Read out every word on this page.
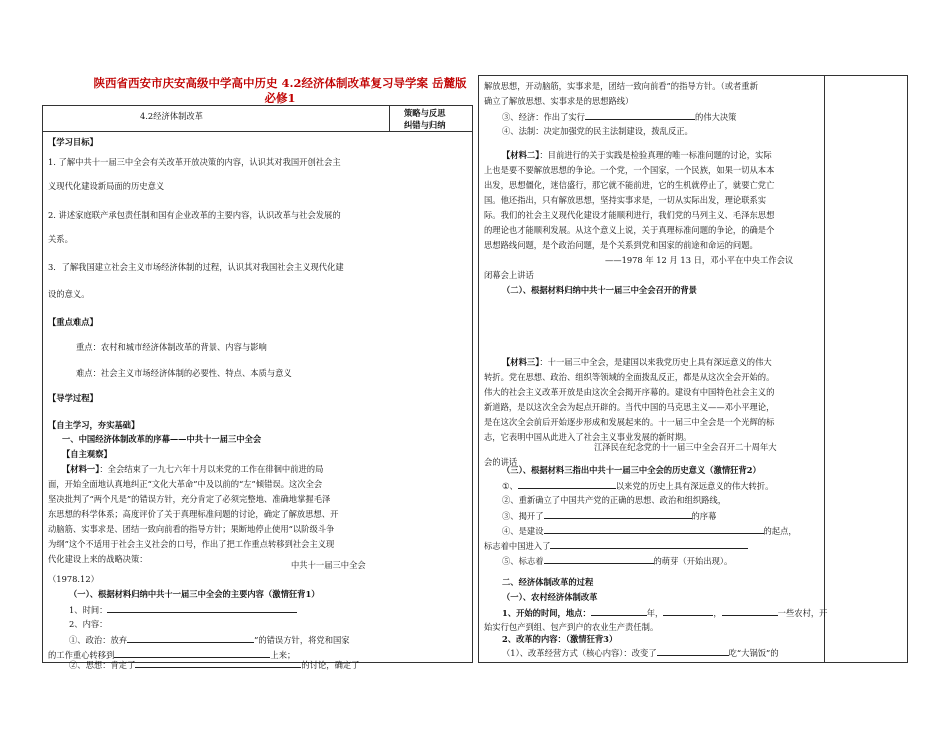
陕西省西安市庆安高级中学高中历史 4.2经济体制改革复习导学案 岳麓版
必修1
4.2经济体制改革	策略与反思
纠错与归纳
【学习目标】
1. 了解中共十一届三中全会有关改革开放决策的内容，认识其对我国开创社会主
义现代化建设新局面的历史意义
2. 讲述家庭联产承包责任制和国有企业改革的主要内容，认识改革与社会发展的
关系。
3．了解我国建立社会主义市场经济体制的过程，认识其对我国社会主义现代化建
设的意义。
【重点难点】
重点：农村和城市经济体制改革的背景、内容与影响
难点：社会主义市场经济体制的必要性、特点、本质与意义
【导学过程】
【自主学习，夯实基础】
一、中国经济体制改革的序幕——中共十一届三中全会
【自主观察】
【材料一】：全会结束了一九七六年十月以来党的工作在徘徊中前进的局
面，开始全面地认真地纠正“文化大革命”中及以前的“左”倾错误。这次全会
坚决批判了“两个凡是”的错误方针，充分肯定了必须完整地、准确地掌握毛泽
东思想的科学体系；高度评价了关于真理标准问题的讨论，确定了解放思想、开
动脑筋、实事求是、团结一致向前看的指导方针；果断地停止使用“以阶级斗争
为纲”这个不适用于社会主义社会的口号，作出了把工作重点转移到社会主义现
代化建设上来的战略决策：
中共十一届三中全会
（1978.12）
（一）、根据材料归纳中共十一届三中全会的主要内容（激情狂背1）
1、时间：
2、内容：
①、政治：放弃	”的错误方针，将党和国家
的工作重心转移到	上来；
②、思想：肯定了	的讨论，确定了
解放思想，开动脑筋，实事求是，团结一致向前看”的指导方针。（或者重新
确立了解放思想、实事求是的思想路线）
③、经济：作出了实行	的伟大决策
④、法制：决定加强党的民主法制建设，拨乱反正。
【材料二】：目前进行的关于实践是检验真理的唯一标准问题的讨论，实际
上也是要不要解放思想的争论。一个党，一个国家，一个民族，如果一切从本本
出发，思想僵化，迷信盛行，那它就不能前进，它的生机就停止了，就要亡党亡
国。他还指出，只有解放思想，坚持实事求是，一切从实际出发，理论联系实
际。我们的社会主义现代化建设才能顺利进行，我们党的马列主义、毛泽东思想
的理论也才能顺利发展。从这个意义上说，关于真理标准问题的争论，的确是个
思想路线问题，是个政治问题，是个关系到党和国家的前途和命运的问题。
——1978 年 12 月 13 日，邓小平在中央工作会议
闭幕会上讲话
（二）、根据材料归纳中共十一届三中全会召开的背景
【材料三】：十一届三中全会，是建国以来我党历史上具有深远意义的伟大
转折。党在思想、政治、组织等领域的全面拨乱反正，都是从这次全会开始的。
伟大的社会主义改革开放是由这次全会揭开序幕的。建设有中国特色社会主义的
新道路，是以这次全会为起点开辟的。当代中国的马克思主义——邓小平理论，
是在这次全会前后开始逐步形成和发展起来的。十一届三中全会是一个光辉的标
志，它表明中国从此进入了社会主义事业发展的新时期。
江泽民在纪念党的十一届三中全会召开二十周年大
会的讲话
（三）、根据材料三指出中共十一届三中全会的历史意义（激情狂背2）
①、	以来党的历史上具有深远意义的伟大转折。
②、重新确立了中国共产党的正确的思想、政治和组织路线，
③、揭开了	的序幕
④、是建设	的起点，
标志着中国进入了
⑤、标志着	的萌芽（开始出现）。
二、经济体制改革的过程
（一）、农村经济体制改革
1、开始的时间，地点：	年，	，	一些农村，开
始实行包产到组、包产到户的农业生产责任制。
2、改革的内容：（激情狂背3）
（1）、改革经营方式（核心内容）：改变了	吃“大锅饭”的
